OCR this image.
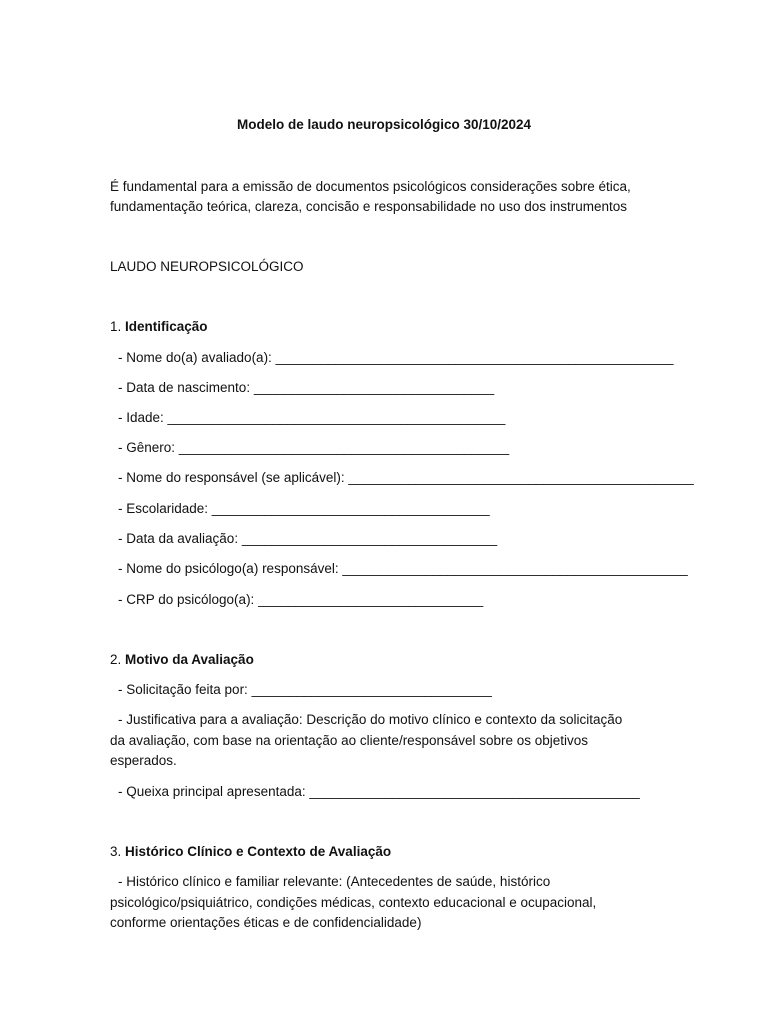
Modelo de laudo neuropsicológico 30/10/2024
É fundamental para a emissão de documentos psicológicos considerações sobre ética,
fundamentação teórica, clareza, concisão e responsabilidade no uso dos instrumentos
LAUDO NEUROPSICOLÓGICO
1. Identificação
- Nome do(a) avaliado(a): _____________________________________________________
- Data de nascimento: ________________________________
- Idade: _____________________________________________
- Gênero: ____________________________________________
- Nome do responsável (se aplicável): ______________________________________________
- Escolaridade: _____________________________________
- Data da avaliação: __________________________________
- Nome do psicólogo(a) responsável: ______________________________________________
- CRP do psicólogo(a): ______________________________
2. Motivo da Avaliação
- Solicitação feita por: ________________________________
- Justificativa para a avaliação: Descrição do motivo clínico e contexto da solicitação
da avaliação, com base na orientação ao cliente/responsável sobre os objetivos
esperados.
- Queixa principal apresentada: ____________________________________________
3. Histórico Clínico e Contexto de Avaliação
- Histórico clínico e familiar relevante: (Antecedentes de saúde, histórico
psicológico/psiquiátrico, condições médicas, contexto educacional e ocupacional,
conforme orientações éticas e de confidencialidade)
